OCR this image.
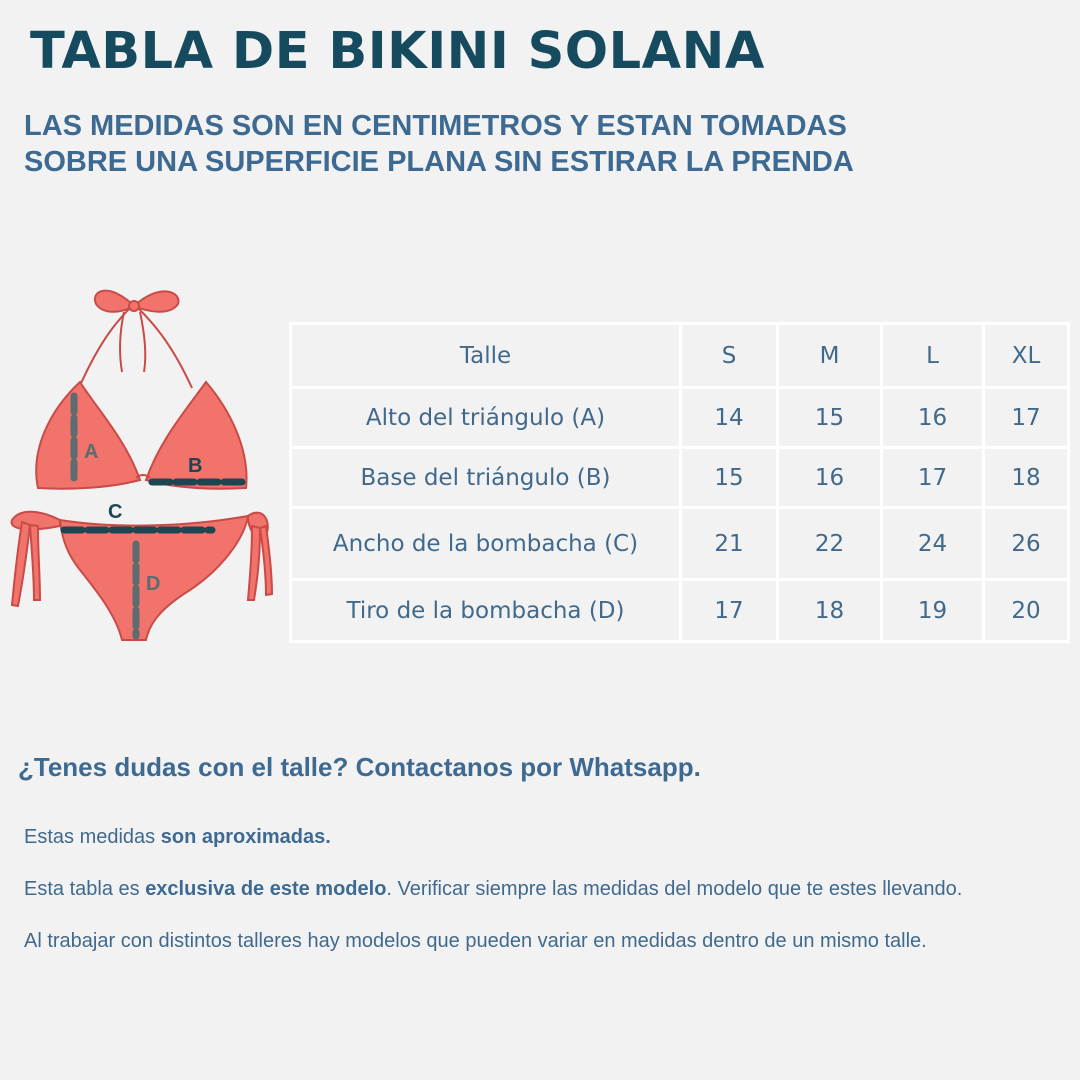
TABLA DE BIKINI SOLANA
LAS MEDIDAS SON EN CENTIMETROS Y ESTAN TOMADAS
SOBRE UNA SUPERFICIE PLANA SIN ESTIRAR LA PRENDA
A
B
C
D
Talle	S	M	L	XL
Alto del triángulo (A)	14	15	16	17
Base del triángulo (B)	15	16	17	18
Ancho de la bombacha (C)	21	22	24	26
Tiro de la bombacha (D)	17	18	19	20

¿Tenes dudas con el talle? Contactanos por Whatsapp.

Estas medidas son aproximadas.

Esta tabla es exclusiva de este modelo. Verificar siempre las medidas del modelo que te estes llevando.

Al trabajar con distintos talleres hay modelos que pueden variar en medidas dentro de un mismo talle.
